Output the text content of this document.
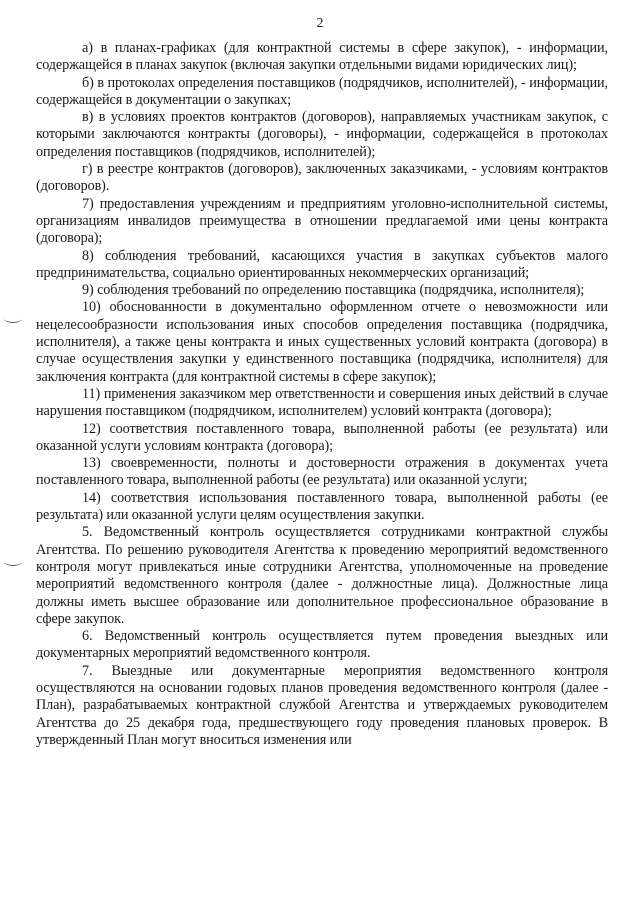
2

а) в планах-графиках (для контрактной системы в сфере закупок), - информации, содержащейся в планах закупок (включая закупки отдельными видами юридических лиц);

б) в протоколах определения поставщиков (подрядчиков, исполнителей), - информации, содержащейся в документации о закупках;

в) в условиях проектов контрактов (договоров), направляемых участникам закупок, с которыми заключаются контракты (договоры), - информации, содержащейся в протоколах определения поставщиков (подрядчиков, исполнителей);

г) в реестре контрактов (договоров), заключенных заказчиками, - условиям контрактов (договоров).

7) предоставления учреждениям и предприятиям уголовно-исполнительной системы, организациям инвалидов преимущества в отношении предлагаемой ими цены контракта (договора);

8) соблюдения требований, касающихся участия в закупках субъектов малого предпринимательства, социально ориентированных некоммерческих организаций;

9) соблюдения требований по определению поставщика (подрядчика, исполнителя);

10) обоснованности в документально оформленном отчете о невозможности или нецелесообразности использования иных способов определения поставщика (подрядчика, исполнителя), а также цены контракта и иных существенных условий контракта (договора) в случае осуществления закупки у единственного поставщика (подрядчика, исполнителя) для заключения контракта (для контрактной системы в сфере закупок);

11) применения заказчиком мер ответственности и совершения иных действий в случае нарушения поставщиком (подрядчиком, исполнителем) условий контракта (договора);

12) соответствия поставленного товара, выполненной работы (ее результата) или оказанной услуги условиям контракта (договора);

13) своевременности, полноты и достоверности отражения в документах учета поставленного товара, выполненной работы (ее результата) или оказанной услуги;

14) соответствия использования поставленного товара, выполненной работы (ее результата) или оказанной услуги целям осуществления закупки.

5. Ведомственный контроль осуществляется сотрудниками контрактной службы Агентства. По решению руководителя Агентства к проведению мероприятий ведомственного контроля могут привлекаться иные сотрудники Агентства, уполномоченные на проведение мероприятий ведомственного контроля (далее - должностные лица). Должностные лица должны иметь высшее образование или дополнительное профессиональное образование в сфере закупок.

6. Ведомственный контроль осуществляется путем проведения выездных или документарных мероприятий ведомственного контроля.

7. Выездные или документарные мероприятия ведомственного контроля осуществляются на основании годовых планов проведения ведомственного контроля (далее - План), разрабатываемых контрактной службой Агентства и утверждаемых руководителем Агентства до 25 декабря года, предшествующего году проведения плановых проверок. В утвержденный План могут вноситься изменения или
